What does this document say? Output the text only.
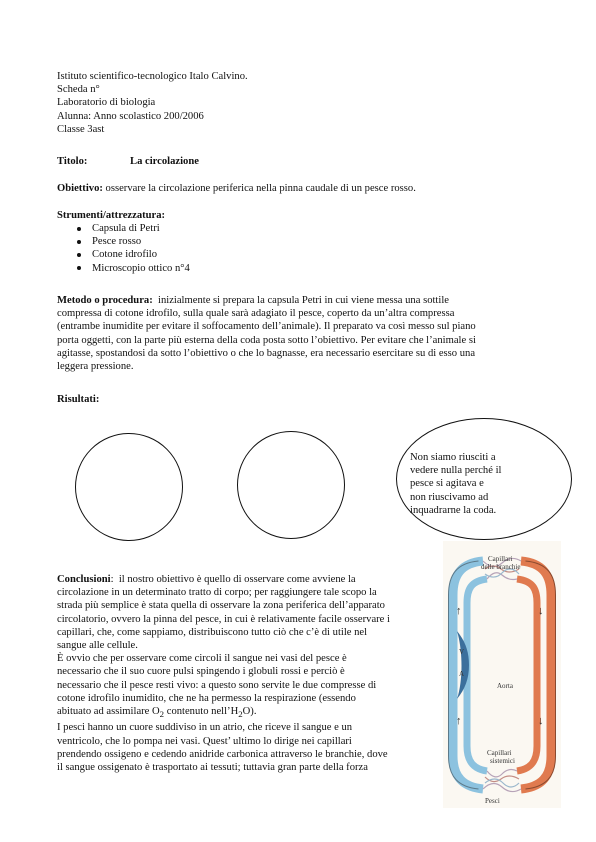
Istituto scientifico-tecnologico Italo Calvino.
Scheda n°
Laboratorio di biologia
Alunna: Anno scolastico 200/2006
Classe 3ast
Titolo:	La circolazione
Obiettivo: osservare la circolazione periferica nella pinna caudale di un pesce rosso.
Strumenti/attrezzatura:
Capsula di Petri
Pesce rosso
Cotone idrofilo
Microscopio ottico n°4
Metodo o procedura:  inizialmente si prepara la capsula Petri in cui viene messa una sottile
compressa di cotone idrofilo, sulla quale sarà adagiato il pesce, coperto da un’altra compressa
(entrambe inumidite per evitare il soffocamento dell’animale). Il preparato va così messo sul piano
porta oggetti, con la parte più esterna della coda posta sotto l’obiettivo. Per evitare che l’animale si
agitasse, spostandosi da sotto l’obiettivo o che lo bagnasse, era necessario esercitare su di esso una
leggera pressione.
Risultati:
Non siamo riusciti a
vedere nulla perché il
pesce si agitava e
non riuscivamo ad
inquadrarne la coda.

Conclusioni:  il nostro obiettivo è quello di osservare come avviene la

circolazione in un determinato tratto di corpo; per raggiungere tale scopo la

strada più semplice è stata quella di osservare la zona periferica dell’apparato

circolatorio, ovvero la pinna del pesce, in cui è relativamente facile osservare i

capillari, che, come sappiamo, distribuiscono tutto ciò che c’è di utile nel

sangue alle cellule.

È ovvio che per osservare come circoli il sangue nei vasi del pesce è

necessario che il suo cuore pulsi spingendo i globuli rossi e perciò è

necessario che il pesce resti vivo: a questo sono servite le due compresse di

cotone idrofilo inumidito, che ne ha permesso la respirazione (essendo

abituato ad assimilare $O_2$ contenuto $nell’H_2O$).

I pesci hanno un cuore suddiviso in un atrio, che riceve il sangue e un

ventricolo, che lo pompa nei vasi. Quest’ ultimo lo dirige nei capillari

prendendo ossigeno e cedendo anidride carbonica attraverso le branchie, dove

il sangue ossigenato è trasportato ai tessuti; tuttavia gran parte della forza

V
A
↑
↑
↓
↓
Capillari
delle branchie
Aorta
Capillari
sistemici
Pesci
